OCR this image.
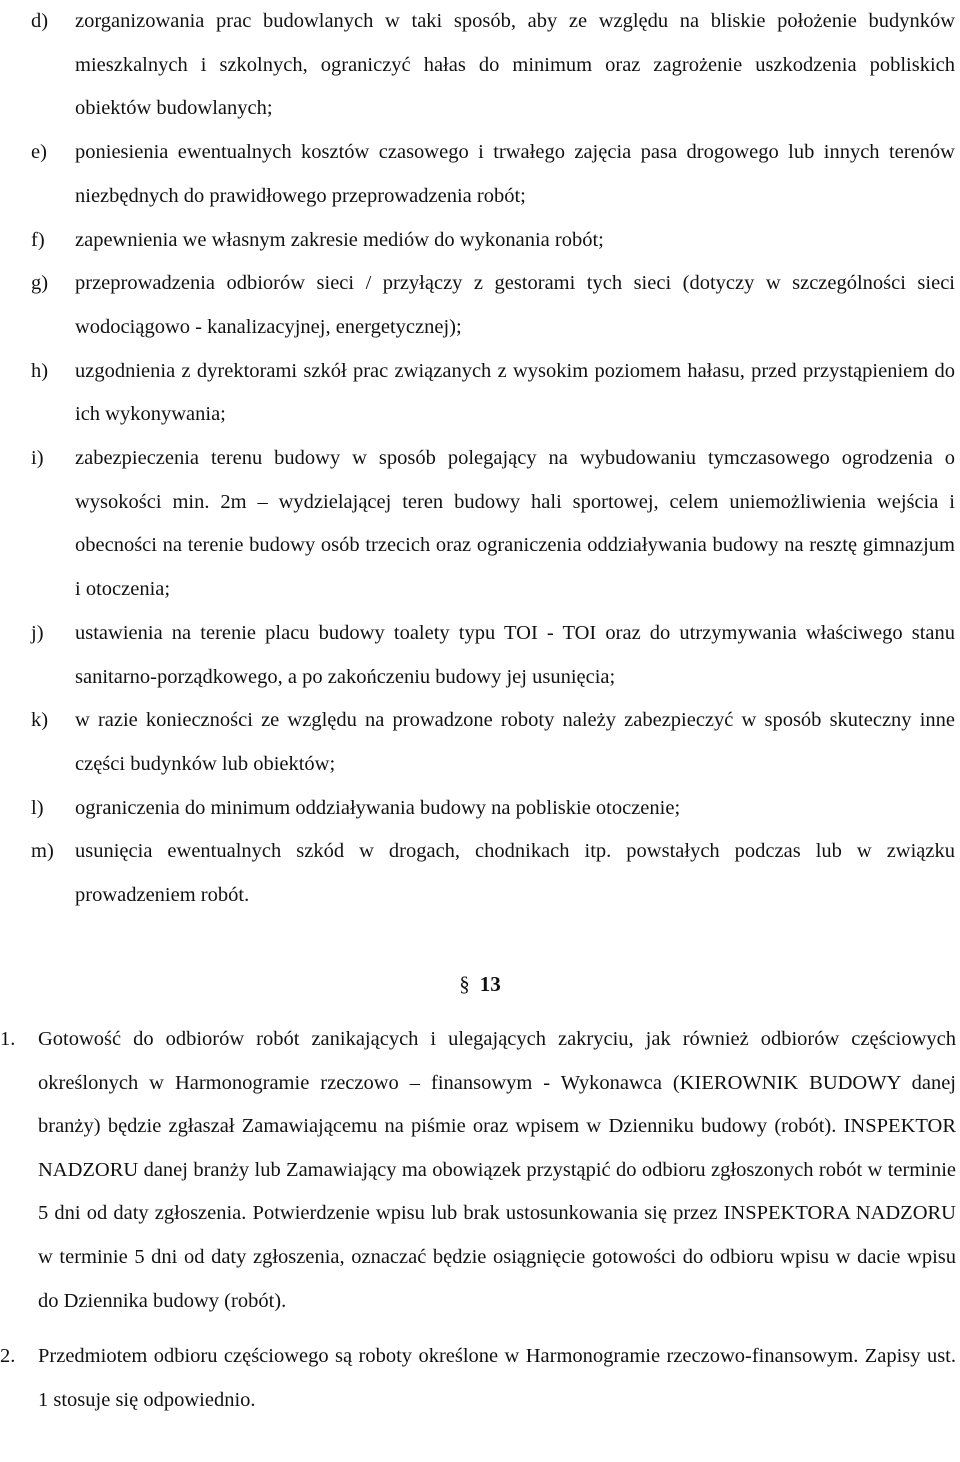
d) zorganizowania prac budowlanych w taki sposób, aby ze względu na bliskie położenie budynków mieszkalnych i szkolnych, ograniczyć hałas do minimum oraz zagrożenie uszkodzenia pobliskich obiektów budowlanych;
e) poniesienia ewentualnych kosztów czasowego i trwałego zajęcia pasa drogowego lub innych terenów niezbędnych do prawidłowego przeprowadzenia robót;
f) zapewnienia we własnym zakresie mediów do wykonania robót;
g) przeprowadzenia odbiorów sieci / przyłączy z gestorami tych sieci (dotyczy w szczególności sieci wodociągowo - kanalizacyjnej, energetycznej);
h) uzgodnienia z dyrektorami szkół prac związanych z wysokim poziomem hałasu, przed przystąpieniem do ich wykonywania;
i) zabezpieczenia terenu budowy w sposób polegający na wybudowaniu tymczasowego ogrodzenia o wysokości min. 2m – wydzielającej teren budowy hali sportowej, celem uniemożliwienia wejścia i obecności na terenie budowy osób trzecich oraz ograniczenia oddziaływania budowy na resztę gimnazjum i otoczenia;
j) ustawienia na terenie placu budowy toalety typu TOI - TOI oraz do utrzymywania właściwego stanu sanitarno-porządkowego, a po zakończeniu budowy jej usunięcia;
k) w razie konieczności ze względu na prowadzone roboty należy zabezpieczyć w sposób skuteczny inne części budynków lub obiektów;
l) ograniczenia do minimum oddziaływania budowy na pobliskie otoczenie;
m) usunięcia ewentualnych szkód w drogach, chodnikach itp. powstałych podczas lub w związku prowadzeniem robót.
§ 13
1. Gotowość do odbiorów robót zanikających i ulegających zakryciu, jak również odbiorów częściowych określonych w Harmonogramie rzeczowo – finansowym - Wykonawca (KIEROWNIK BUDOWY danej branży) będzie zgłaszał Zamawiającemu na piśmie oraz wpisem w Dzienniku budowy (robót). INSPEKTOR NADZORU danej branży lub Zamawiający ma obowiązek przystąpić do odbioru zgłoszonych robót w terminie 5 dni od daty zgłoszenia. Potwierdzenie wpisu lub brak ustosunkowania się przez INSPEKTORA NADZORU w terminie 5 dni od daty zgłoszenia, oznaczać będzie osiągnięcie gotowości do odbioru wpisu w dacie wpisu do Dziennika budowy (robót).
2. Przedmiotem odbioru częściowego są roboty określone w Harmonogramie rzeczowo-finansowym. Zapisy ust. 1 stosuje się odpowiednio.
